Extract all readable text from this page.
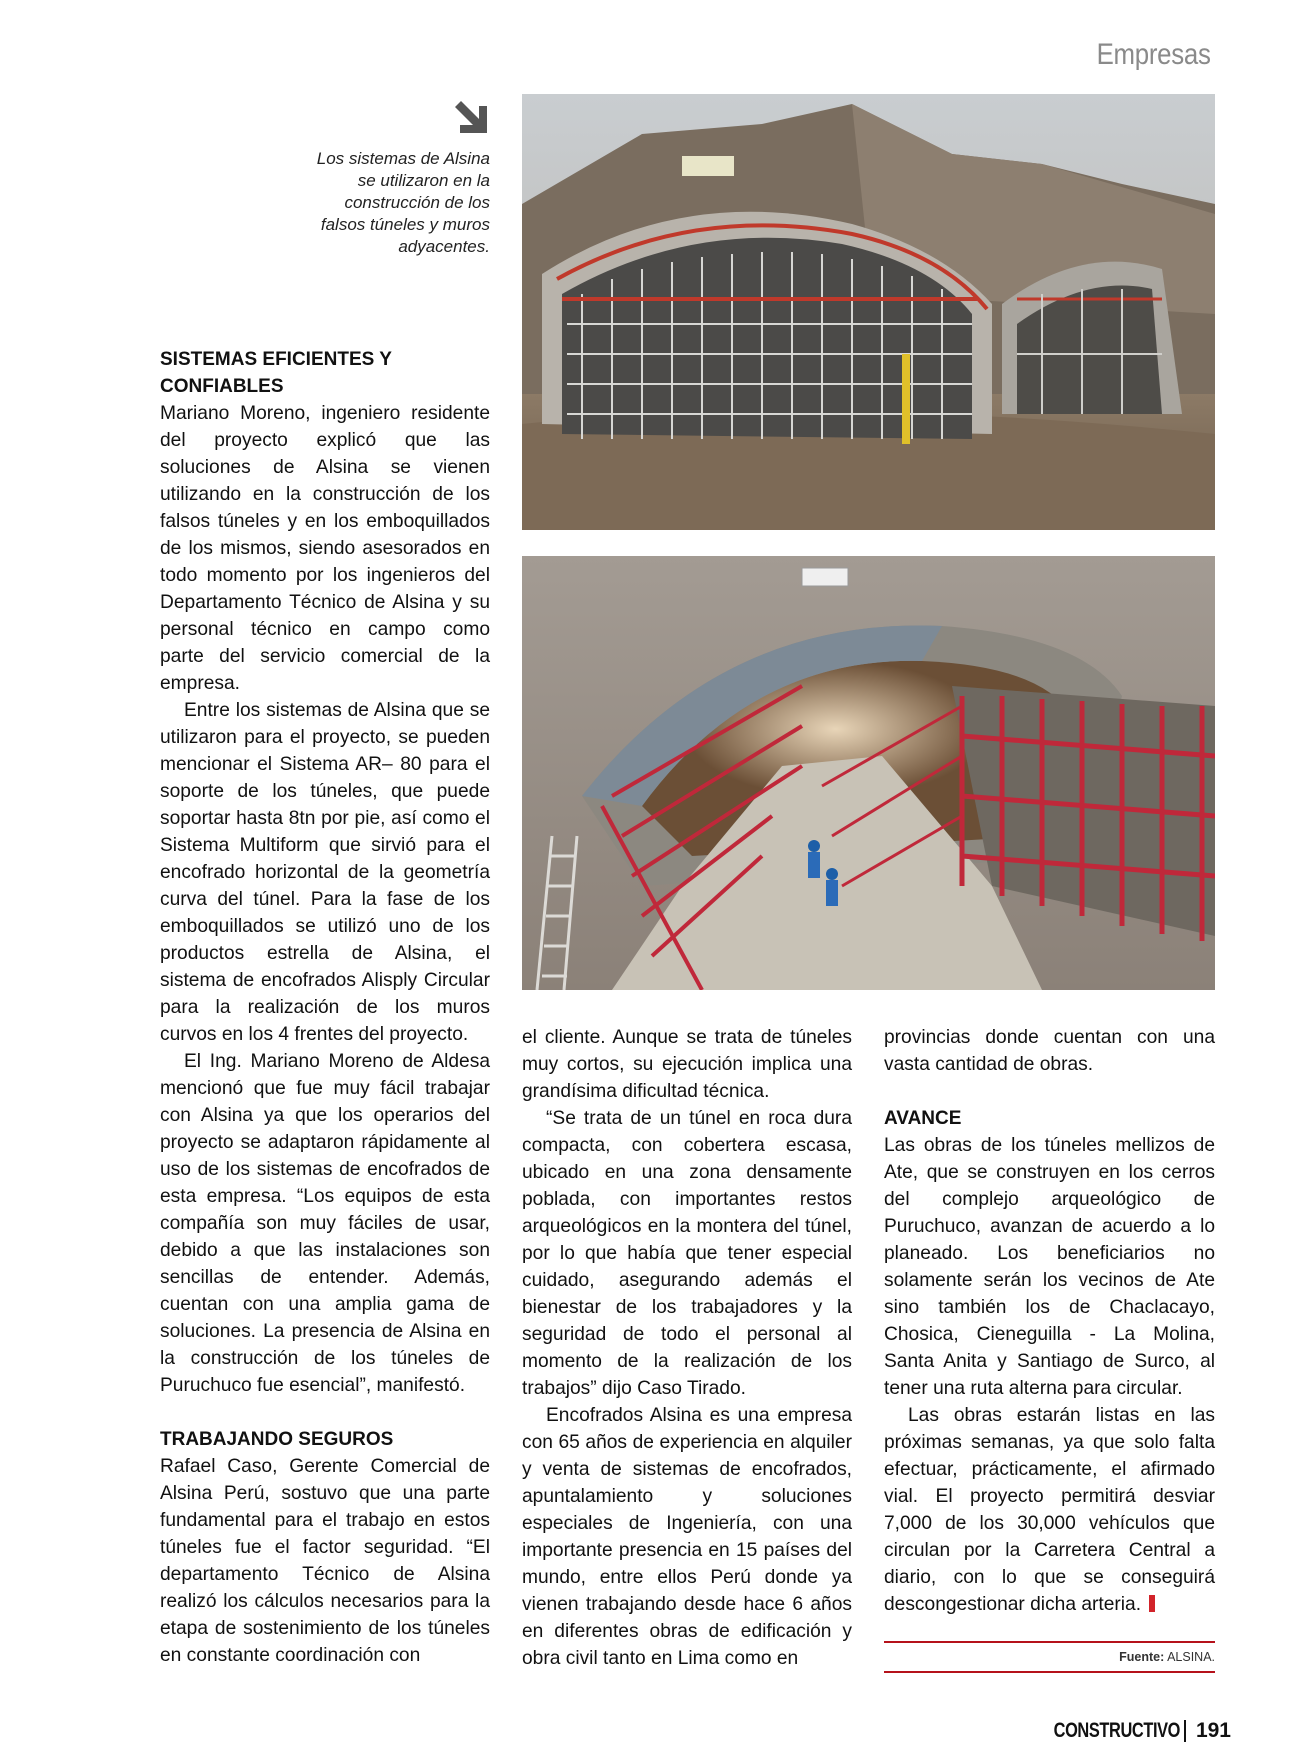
Empresas
Los sistemas de Alsina se utilizaron en la construcción de los falsos túneles y muros adyacentes.
SISTEMAS EFICIENTES Y CONFIABLES

Mariano Moreno, ingeniero residente del proyecto explicó que las soluciones de Alsina se vienen utilizando en la construcción de los falsos túneles y en los emboquillados de los mismos, siendo asesorados en todo momento por los ingenieros del Departamento Técnico de Alsina y su personal técnico en campo como parte del servicio comercial de la empresa.

Entre los sistemas de Alsina que se utilizaron para el proyecto, se pueden mencionar el Sistema AR– 80 para el soporte de los túneles, que puede soportar hasta 8tn por pie, así como el Sistema Multiform que sirvió para el encofrado horizontal de la geometría curva del túnel. Para la fase de los emboquillados se utilizó uno de los productos estrella de Alsina, el sistema de encofrados Alisply Circular para la realización de los muros curvos en los 4 frentes del proyecto.

El Ing. Mariano Moreno de Aldesa mencionó que fue muy fácil trabajar con Alsina ya que los operarios del proyecto se adaptaron rápidamente al uso de los sistemas de encofrados de esta empresa. “Los equipos de esta compañía son muy fáciles de usar, debido a que las instalaciones son sencillas de entender. Además, cuentan con una amplia gama de soluciones. La presencia de Alsina en la construcción de los túneles de Puruchuco fue esencial”, manifestó.

TRABAJANDO SEGUROS

Rafael Caso, Gerente Comercial de Alsina Perú, sostuvo que una parte fundamental para el trabajo en estos túneles fue el factor seguridad. “El departamento Técnico de Alsina realizó los cálculos necesarios para la etapa de sostenimiento de los túneles en constante coordinación con

el cliente. Aunque se trata de túneles muy cortos, su ejecución implica una grandísima dificultad técnica.

“Se trata de un túnel en roca dura compacta, con cobertera escasa, ubicado en una zona densamente poblada, con importantes restos arqueológicos en la montera del túnel, por lo que había que tener especial cuidado, asegurando además el bienestar de los trabajadores y la seguridad de todo el personal al momento de la realización de los trabajos” dijo Caso Tirado.

Encofrados Alsina es una empresa con 65 años de experiencia en alquiler y venta de sistemas de encofrados, apuntalamiento y soluciones especiales de Ingeniería, con una importante presencia en 15 países del mundo, entre ellos Perú donde ya vienen trabajando desde hace 6 años en diferentes obras de edificación y obra civil tanto en Lima como en

provincias donde cuentan con una vasta cantidad de obras.

AVANCE

Las obras de los túneles mellizos de Ate, que se construyen en los cerros del complejo arqueológico de Puruchuco, avanzan de acuerdo a lo planeado. Los beneficiarios no solamente serán los vecinos de Ate sino también los de Chaclacayo, Chosica, Cieneguilla - La Molina, Santa Anita y Santiago de Surco, al tener una ruta alterna para circular.

Las obras estarán listas en las próximas semanas, ya que solo falta efectuar, prácticamente, el afirmado vial. El proyecto permitirá desviar 7,000 de los 30,000 vehículos que circulan por la Carretera Central a diario, con lo que se conseguirá descongestionar dicha arteria.

Fuente: ALSINA.
CONSTRUCTIVO 191
